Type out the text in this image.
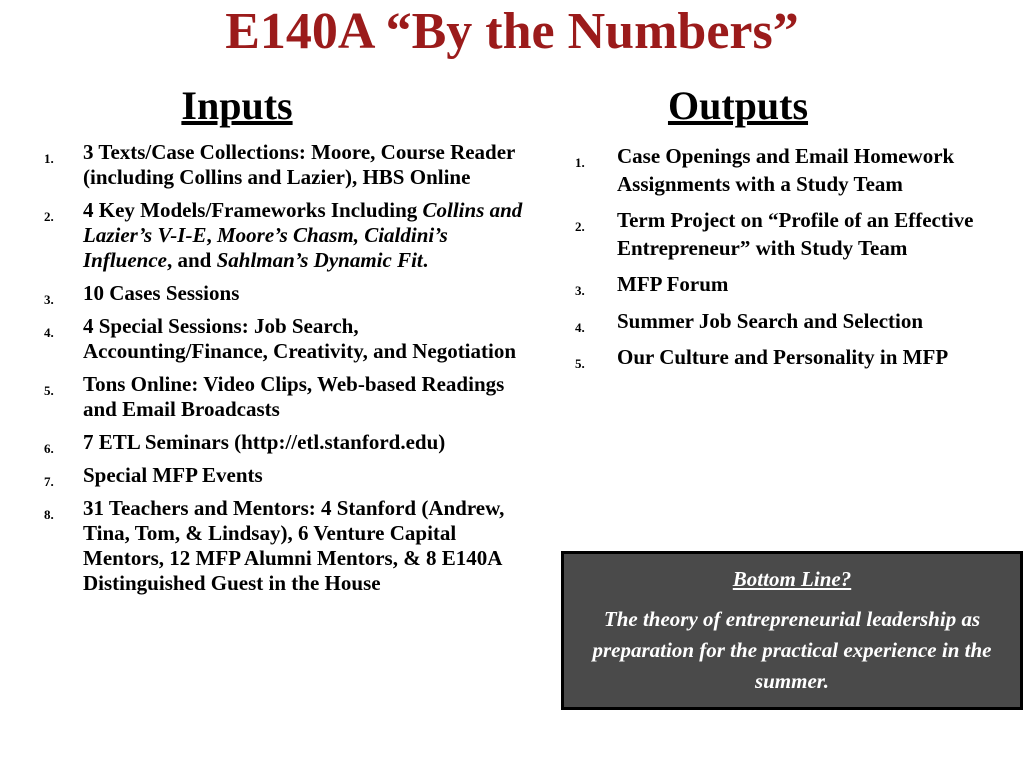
E140A “By the Numbers”
Inputs	Outputs
1. 3 Texts/Case Collections: Moore, Course Reader (including Collins and Lazier), HBS Online
2. 4 Key Models/Frameworks Including Collins and Lazier’s V-I-E, Moore’s Chasm, Cialdini’s Influence, and Sahlman’s Dynamic Fit.
3. 10 Cases Sessions
4. 4 Special Sessions: Job Search, Accounting/Finance, Creativity, and Negotiation
5. Tons Online: Video Clips, Web-based Readings and Email Broadcasts
6. 7 ETL Seminars (http://etl.stanford.edu)
7. Special MFP Events
8. 31 Teachers and Mentors: 4 Stanford (Andrew, Tina, Tom, & Lindsay), 6 Venture Capital Mentors, 12 MFP Alumni Mentors, & 8 E140A Distinguished Guest in the House
1. Case Openings and Email Homework Assignments with a Study Team
2. Term Project on “Profile of an Effective Entrepreneur” with Study Team
3. MFP Forum
4. Summer Job Search and Selection
5. Our Culture and Personality in MFP
Bottom Line?
The theory of entrepreneurial leadership as preparation for the practical experience in the summer.
